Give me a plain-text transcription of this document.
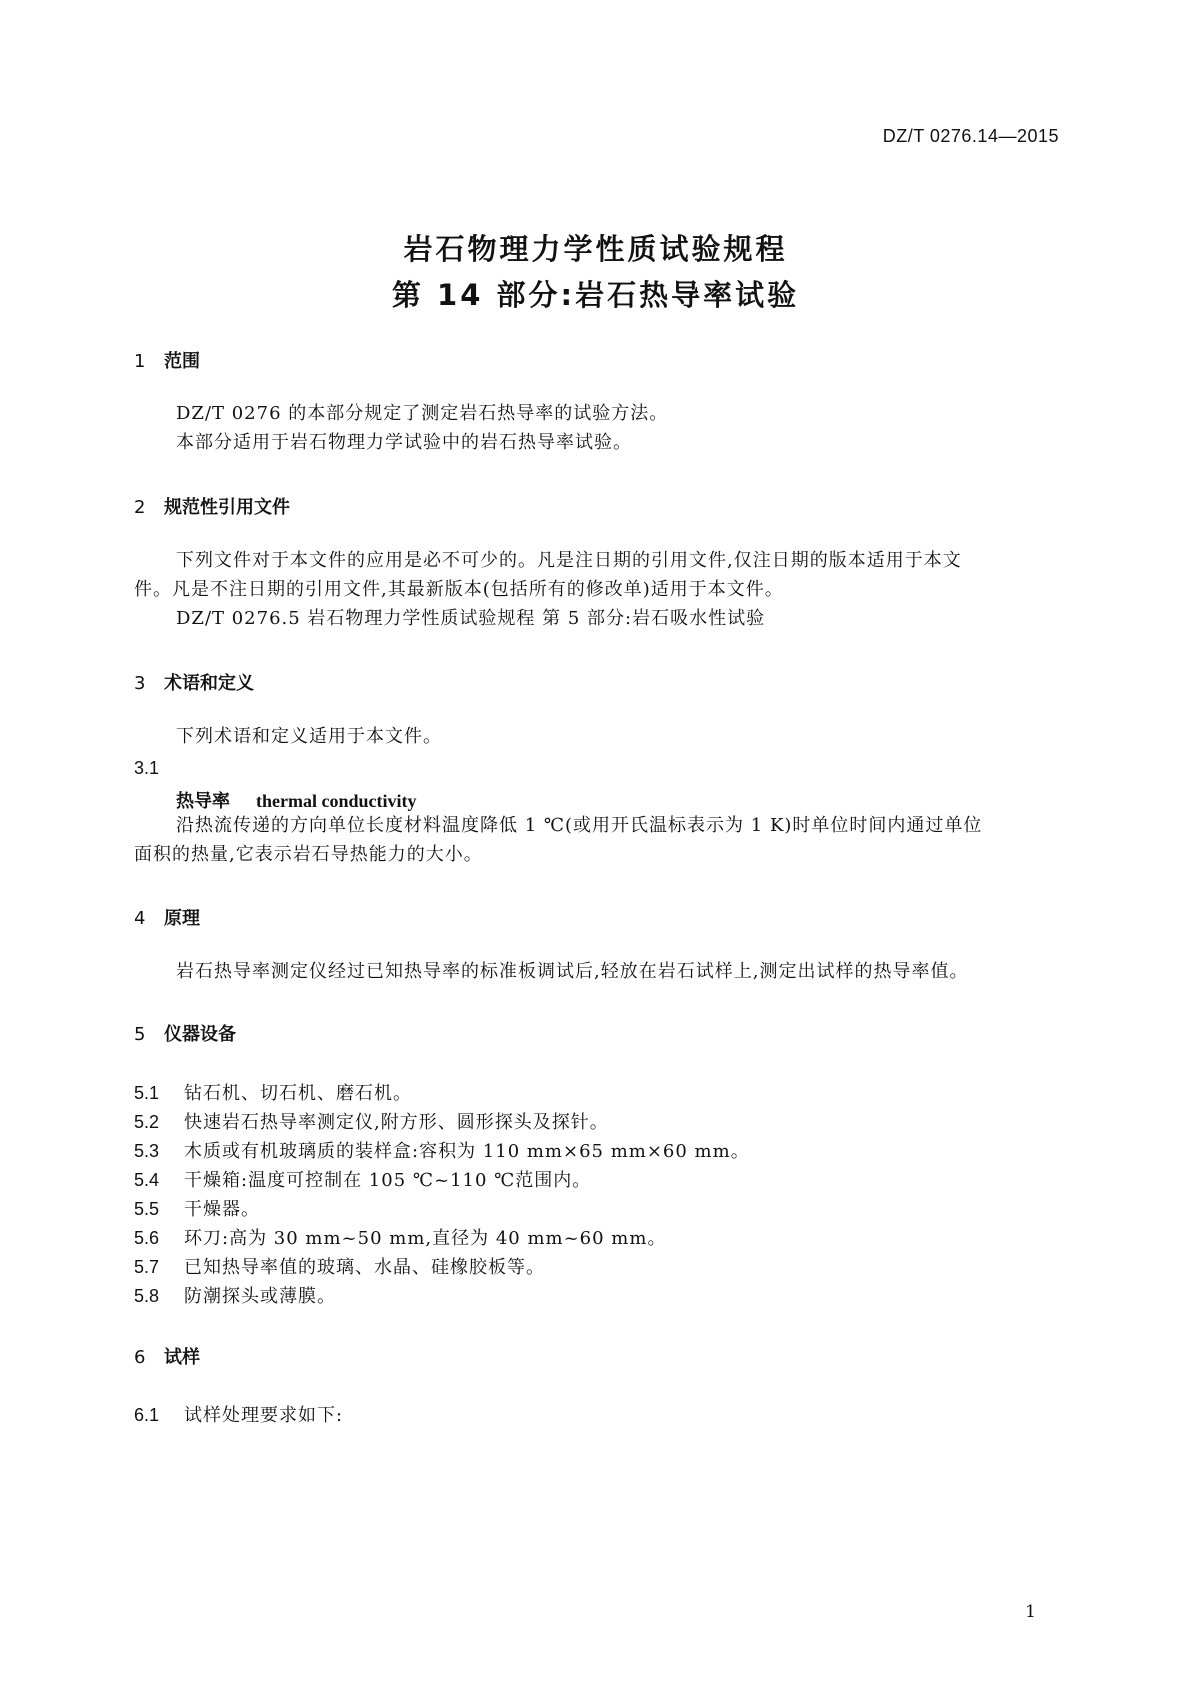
DZ/T 0276.14—2015
岩石物理力学性质试验规程
第 14 部分:岩石热导率试验
1 范围
DZ/T 0276 的本部分规定了测定岩石热导率的试验方法。
本部分适用于岩石物理力学试验中的岩石热导率试验。
2 规范性引用文件
下列文件对于本文件的应用是必不可少的。凡是注日期的引用文件,仅注日期的版本适用于本文
件。凡是不注日期的引用文件,其最新版本(包括所有的修改单)适用于本文件。
DZ/T 0276.5 岩石物理力学性质试验规程 第 5 部分:岩石吸水性试验
3 术语和定义
下列术语和定义适用于本文件。
3.1
热导率 thermal conductivity
沿热流传递的方向单位长度材料温度降低 1 ℃(或用开氏温标表示为 1 K)时单位时间内通过单位
面积的热量,它表示岩石导热能力的大小。
4 原理
岩石热导率测定仪经过已知热导率的标准板调试后,轻放在岩石试样上,测定出试样的热导率值。
5 仪器设备
5.1 钻石机、切石机、磨石机。
5.2 快速岩石热导率测定仪,附方形、圆形探头及探针。
5.3 木质或有机玻璃质的装样盒:容积为 110 mm×65 mm×60 mm。
5.4 干燥箱:温度可控制在 105 ℃~110 ℃范围内。
5.5 干燥器。
5.6 环刀:高为 30 mm~50 mm,直径为 40 mm~60 mm。
5.7 已知热导率值的玻璃、水晶、硅橡胶板等。
5.8 防潮探头或薄膜。
6 试样
6.1 试样处理要求如下:
1
